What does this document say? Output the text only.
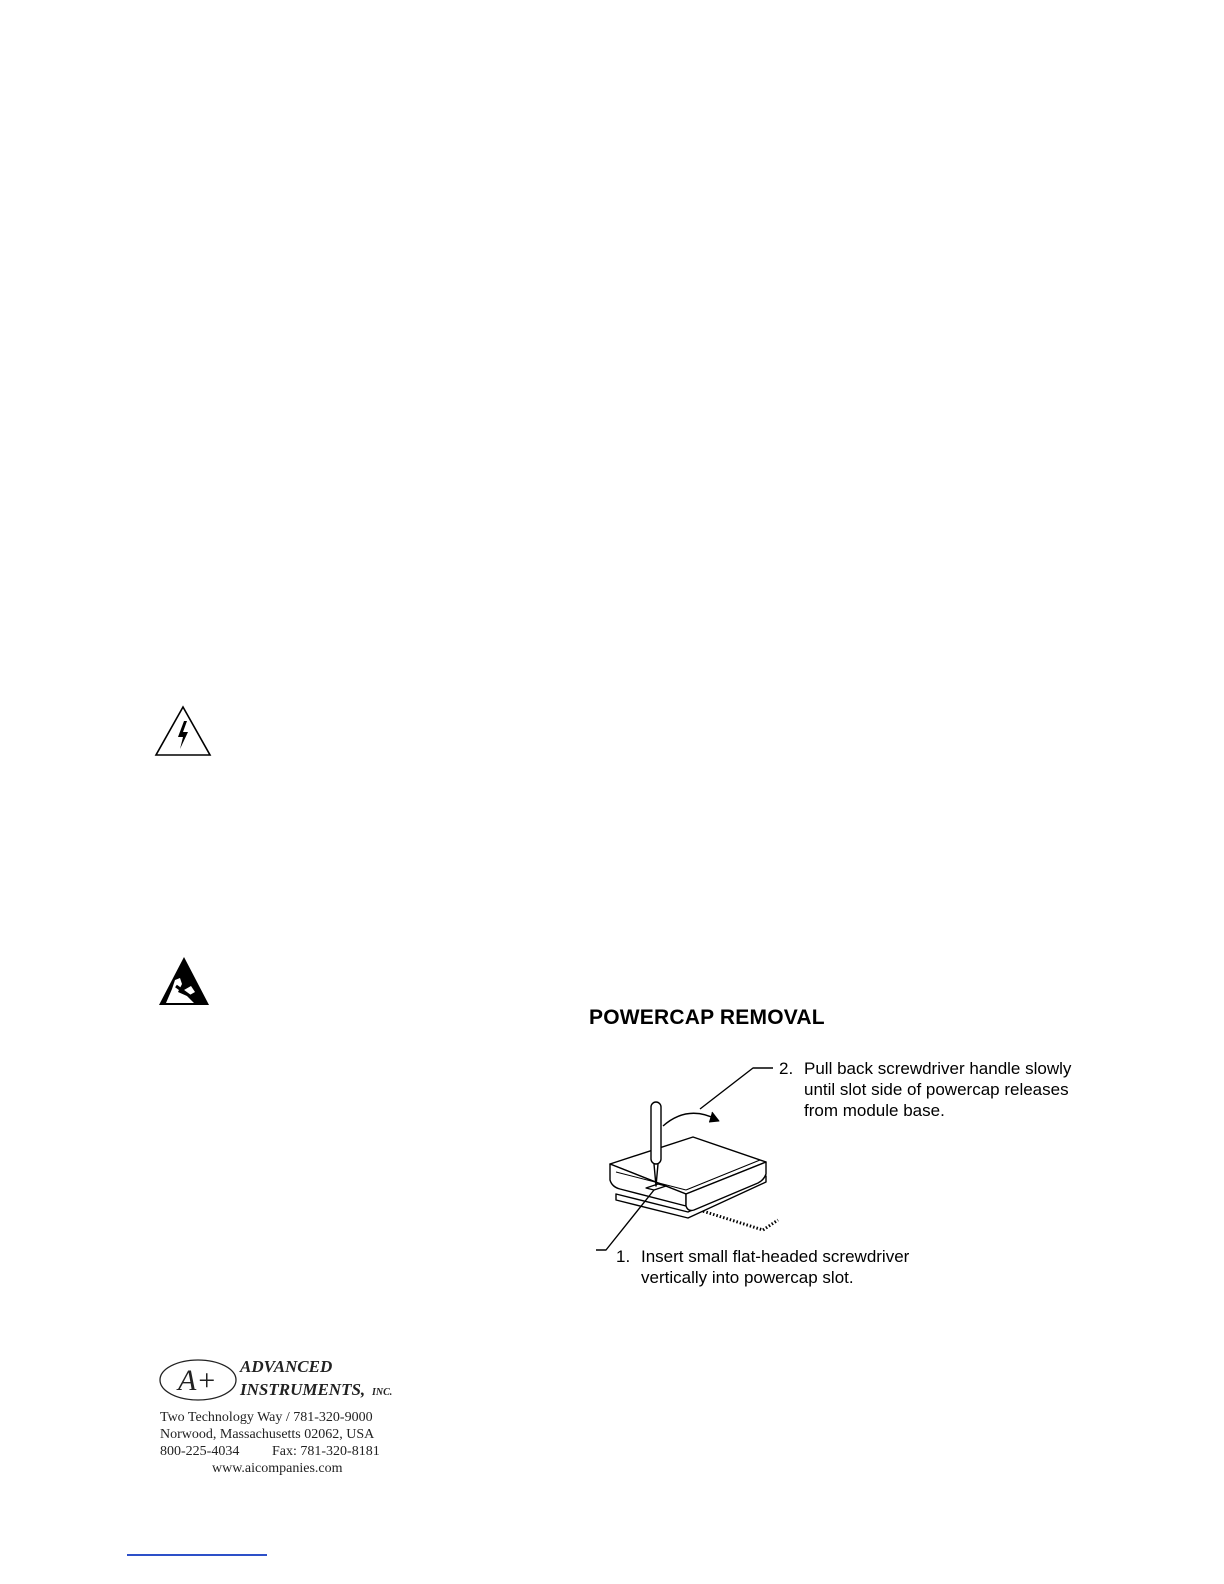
POWERCAP REMOVAL
2. Pull back screwdriver handle slowly
until slot side of powercap releases
from module base.
1. Insert small flat-headed screwdriver
vertically into powercap slot.
A+ ADVANCED
INSTRUMENTS, INC.
Two Technology Way / 781-320-9000
Norwood, Massachusetts 02062, USA
800-225-4034 Fax: 781-320-8181
www.aicompanies.com
